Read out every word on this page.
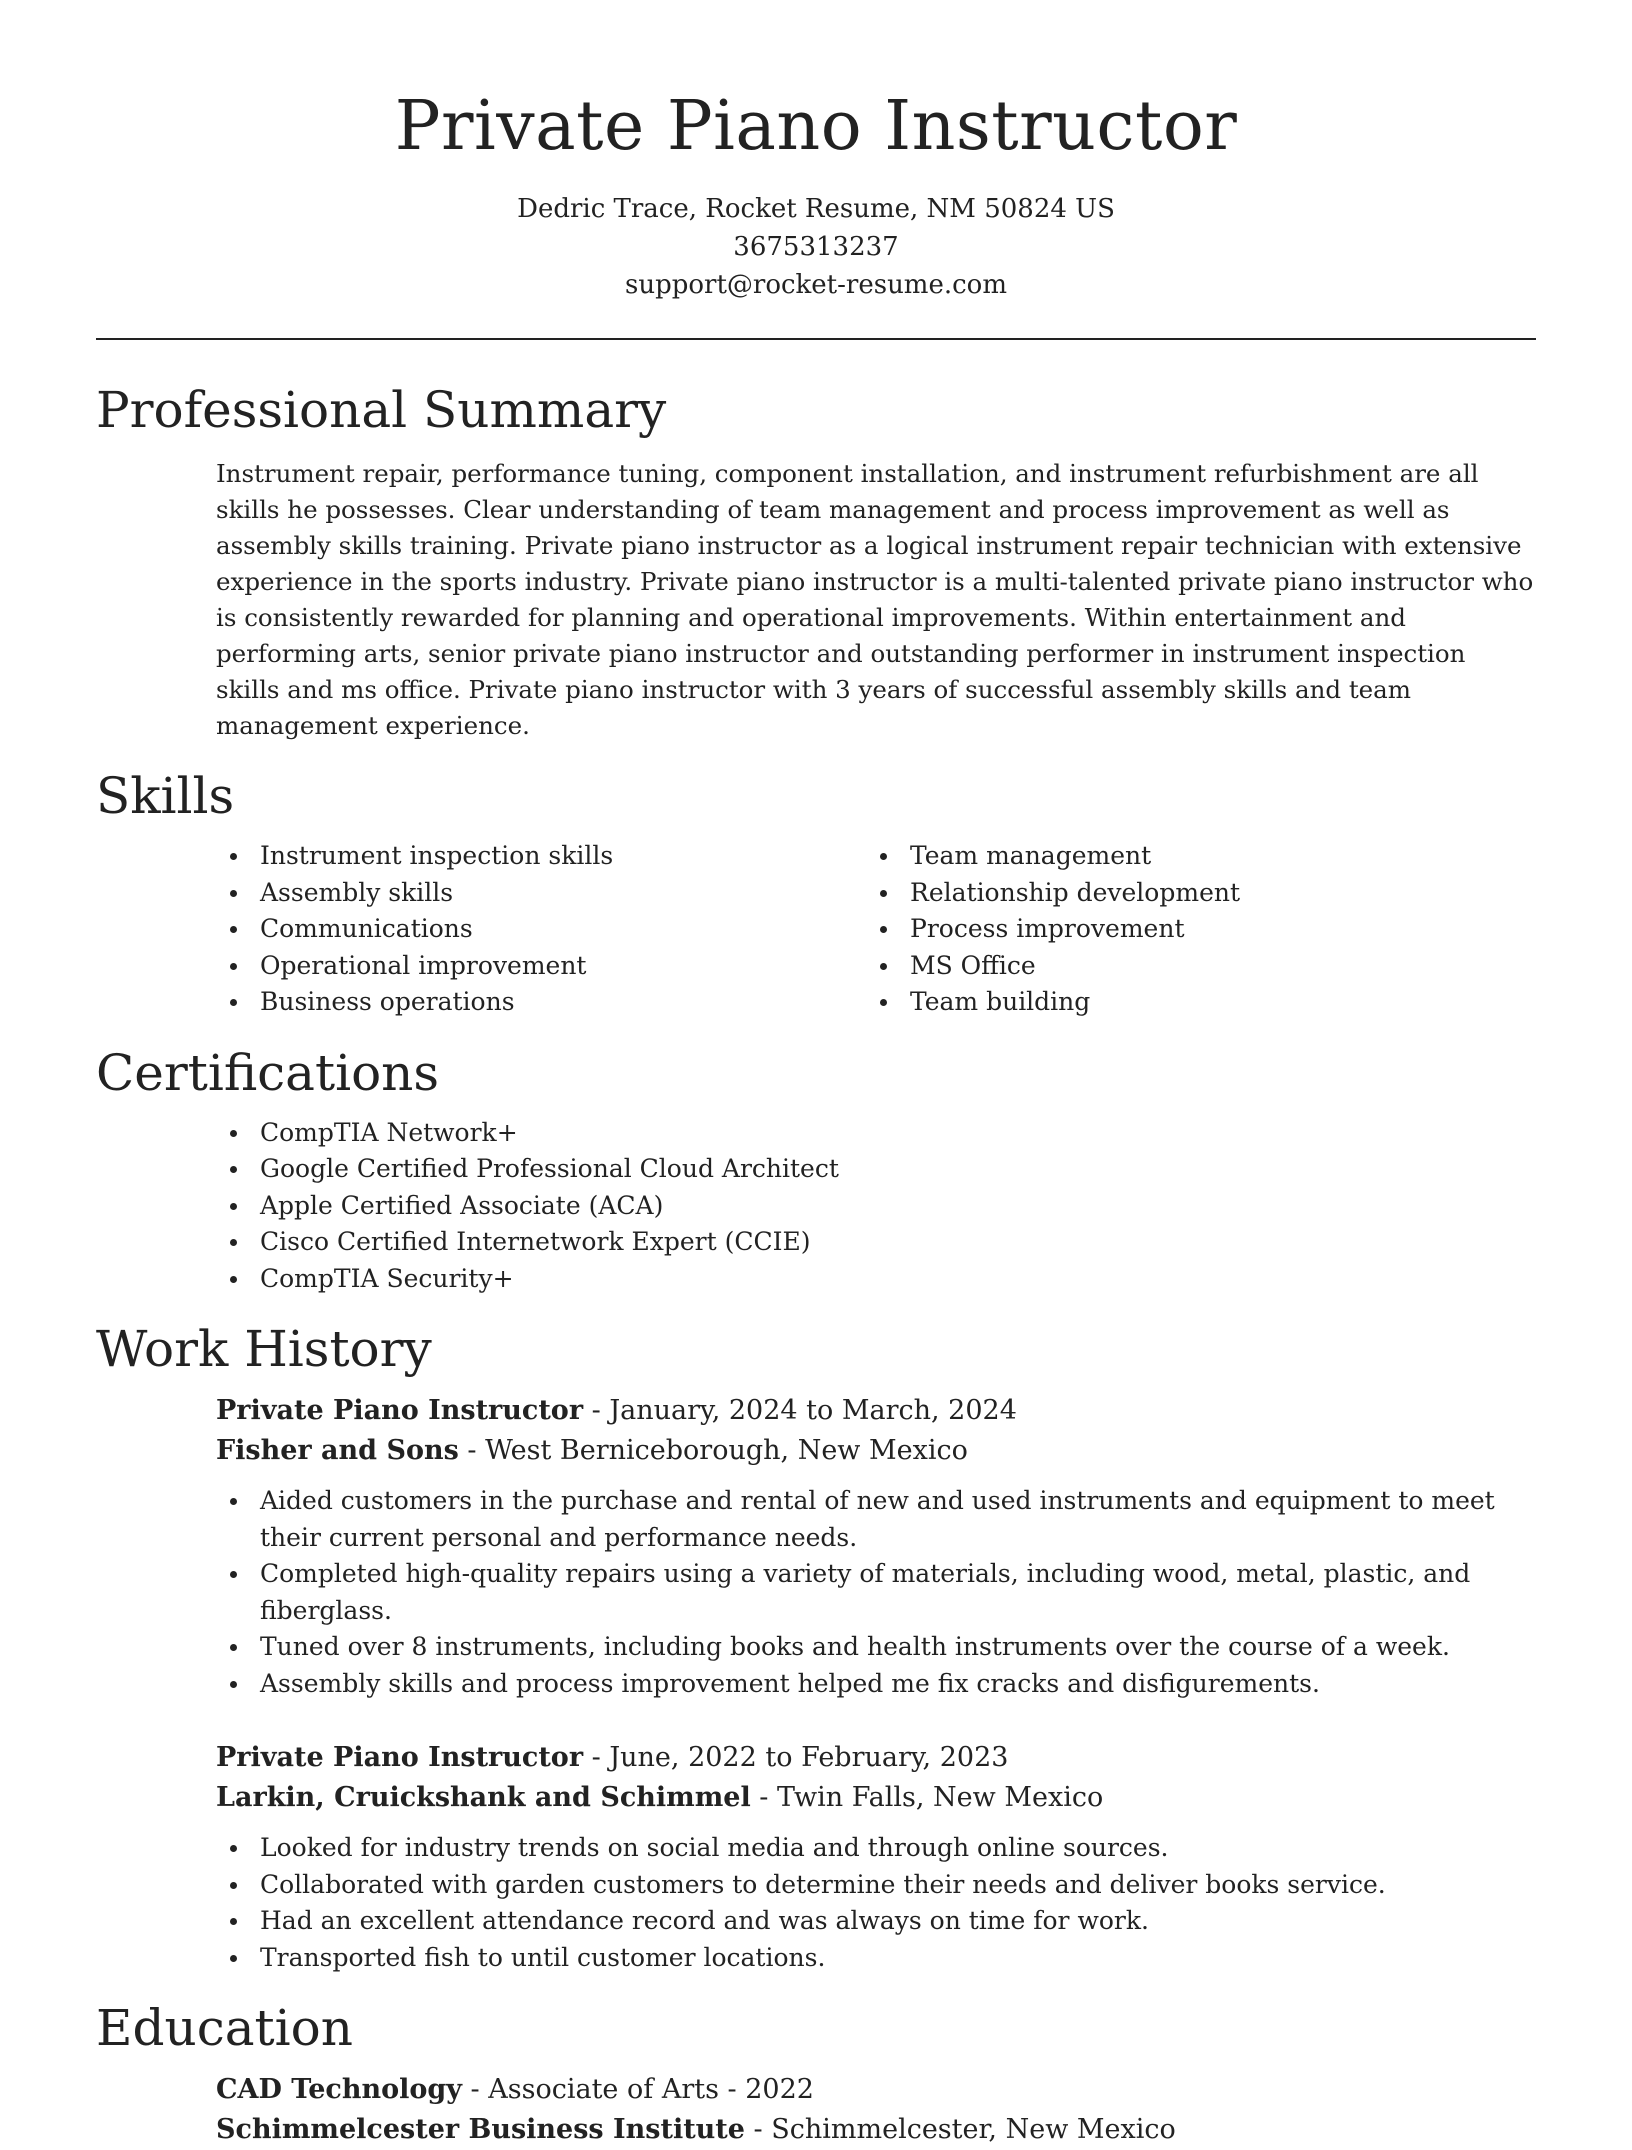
Private Piano Instructor
Dedric Trace, Rocket Resume, NM 50824 US
3675313237
support@rocket-resume.com
Professional Summary
Instrument repair, performance tuning, component installation, and instrument refurbishment are all skills he possesses. Clear understanding of team management and process improvement as well as assembly skills training. Private piano instructor as a logical instrument repair technician with extensive experience in the sports industry. Private piano instructor is a multi-talented private piano instructor who is consistently rewarded for planning and operational improvements. Within entertainment and performing arts, senior private piano instructor and outstanding performer in instrument inspection skills and ms office. Private piano instructor with 3 years of successful assembly skills and team management experience.
Skills
Instrument inspection skills
Assembly skills
Communications
Operational improvement
Business operations
Team management
Relationship development
Process improvement
MS Office
Team building
Certifications
CompTIA Network+
Google Certified Professional Cloud Architect
Apple Certified Associate (ACA)
Cisco Certified Internetwork Expert (CCIE)
CompTIA Security+
Work History
Private Piano Instructor - January, 2024 to March, 2024
Fisher and Sons - West Berniceborough, New Mexico
Aided customers in the purchase and rental of new and used instruments and equipment to meet their current personal and performance needs.
Completed high-quality repairs using a variety of materials, including wood, metal, plastic, and fiberglass.
Tuned over 8 instruments, including books and health instruments over the course of a week.
Assembly skills and process improvement helped me fix cracks and disfigurements.
Private Piano Instructor - June, 2022 to February, 2023
Larkin, Cruickshank and Schimmel - Twin Falls, New Mexico
Looked for industry trends on social media and through online sources.
Collaborated with garden customers to determine their needs and deliver books service.
Had an excellent attendance record and was always on time for work.
Transported fish to until customer locations.
Education
CAD Technology - Associate of Arts - 2022
Schimmelcester Business Institute - Schimmelcester, New Mexico
